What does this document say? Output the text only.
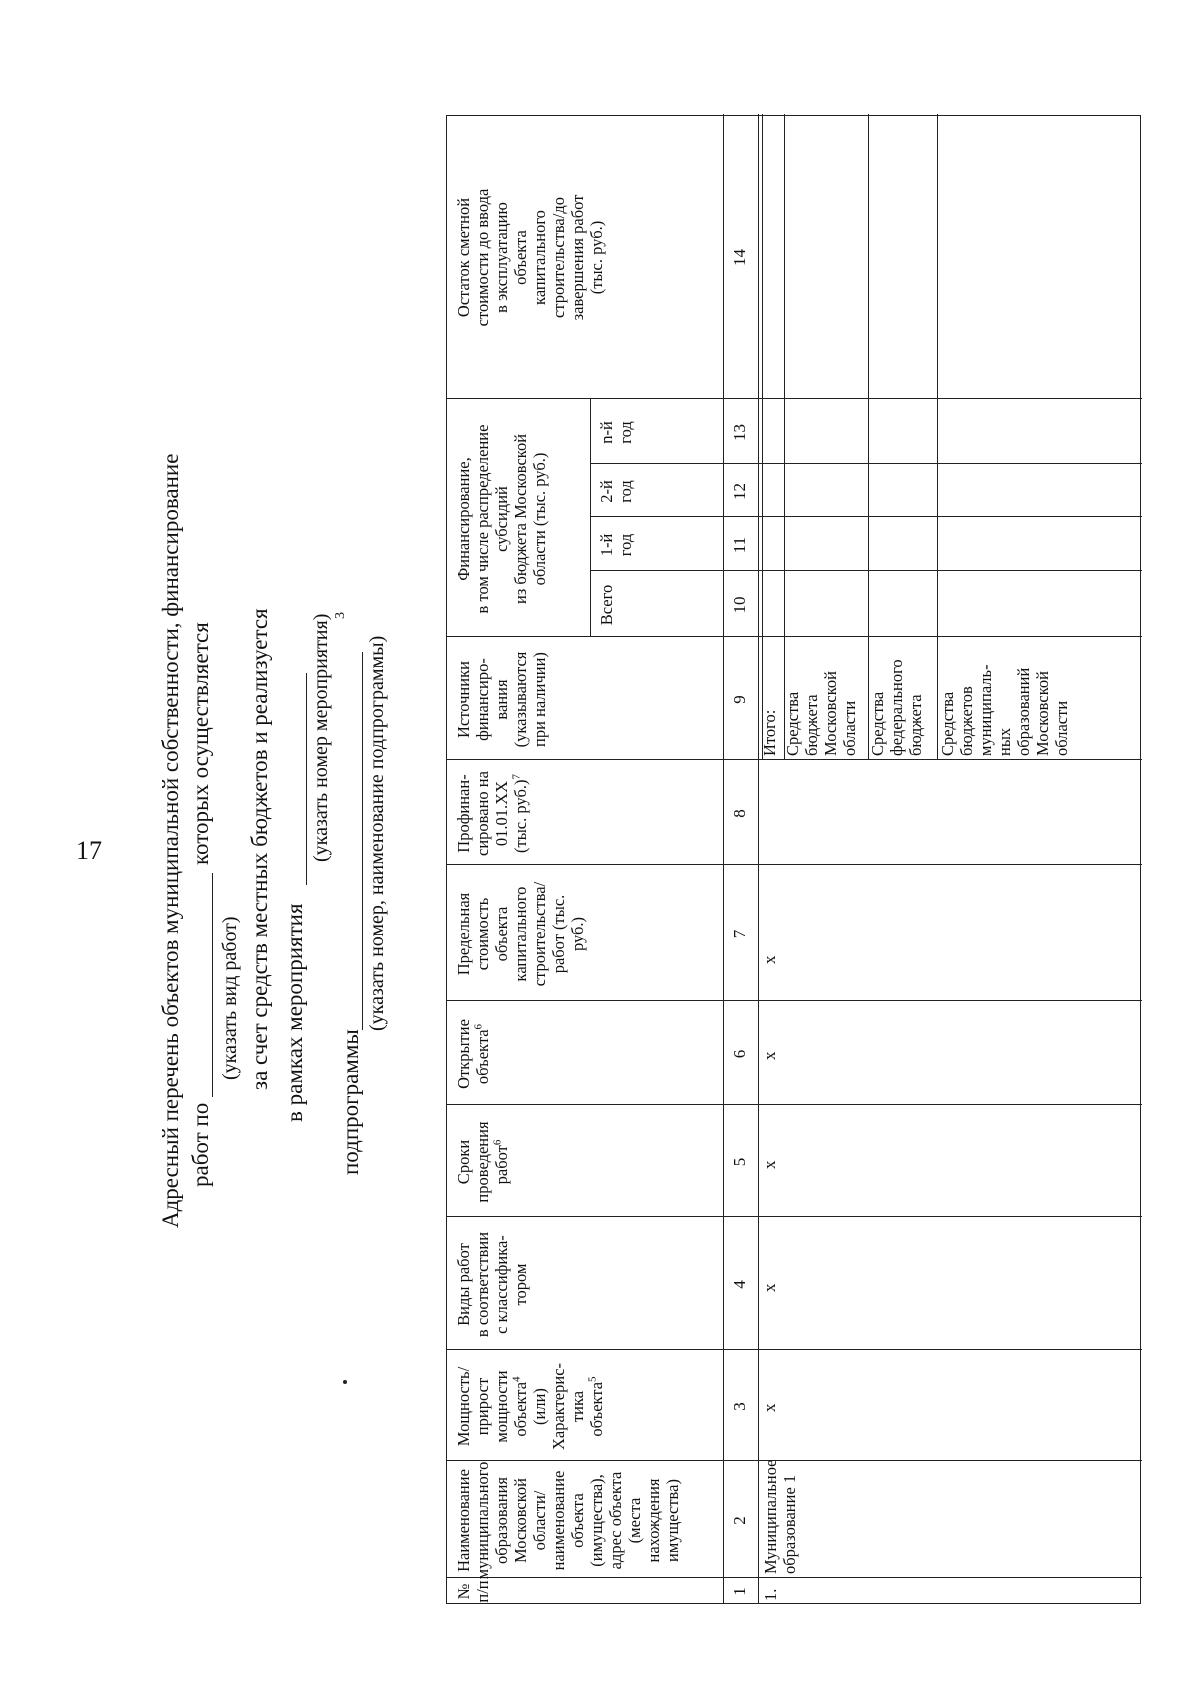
17 Адресный перечень объектов муниципальной собственности, финансирование работ по
которых осуществляется
(указать вид работ) за счет средств местных бюджетов и реализуется в рамках мероприятия
(указать номер мероприятия) 3
подпрограммы
(указать номер, наименование подпрограммы)
№ п/п
Наименование муниципального образования Московской области/ наименование объекта (имущества), адрес объекта (места нахождения имущества)
Мощность/ прирост мощности объекта$^4$
(или) Характерис- тика объекта$^5$
Виды работ в соответствии с классифика- тором
Сроки проведения работ$^6$
Открытие объекта$^6$
Предельная стоимость объекта капитального строительства/ работ (тыс. руб.)
Профинан- сировано на 01.01.XX (тыс. руб.)$^7$
Источники финансиро- вания (указываются при наличии)
Финансирование, в том числе распределение субсидий из бюджета Московской области (тыс. руб.)
Всего
1-й год
2-й год
n-й год
Остаток сметной стоимости до ввода в эксплуатацию объекта капитального строительства/до завершения работ (тыс. руб.)
1
2
3
4
5
6
7
8
9
10
11
12
13
14
1.
Муниципальное образование 1
x
x
x
x
x
Итого: Средства бюджета Московской области Средства федерального бюджета Средства бюджетов муниципаль- ных образований Московской области
